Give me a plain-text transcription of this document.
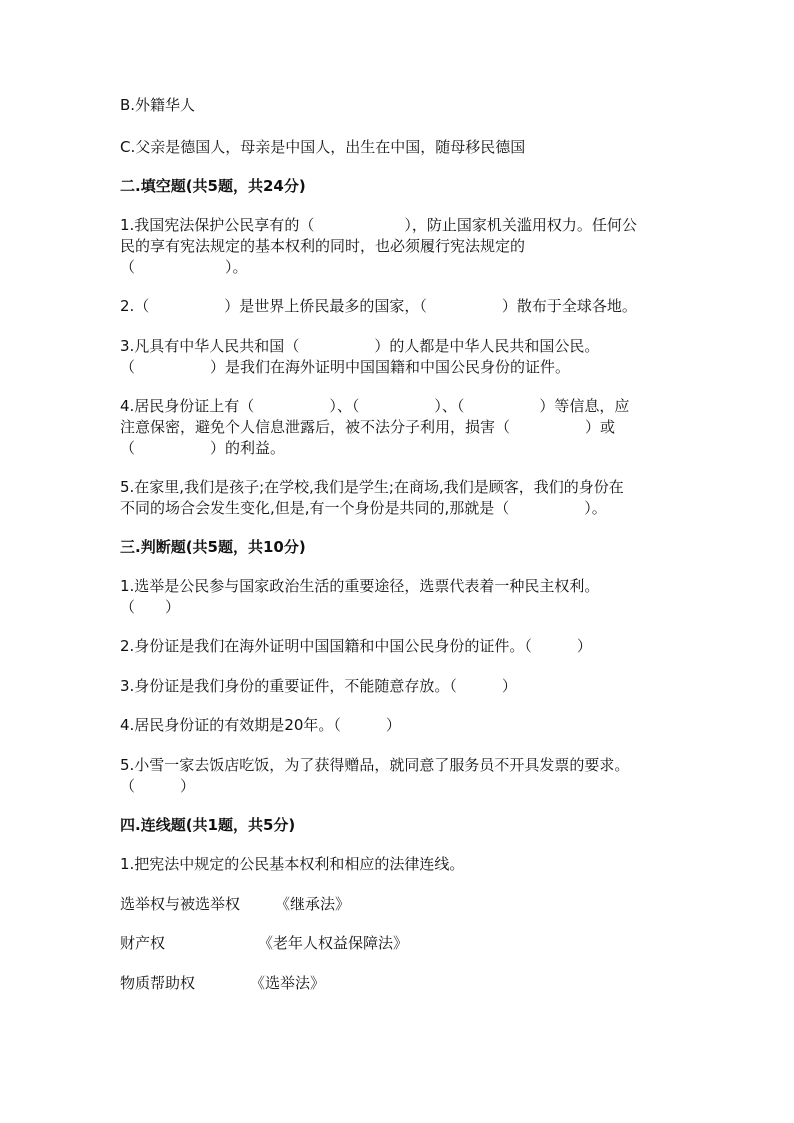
B.外籍华人
C.父亲是德国人，母亲是中国人，出生在中国，随母移民德国
二.填空题(共5题，共24分)
1.我国宪法保护公民享有的（　　　　　　），防止国家机关滥用权力。任何公
民的享有宪法规定的基本权利的同时，也必须履行宪法规定的
（　　　　　　）。
2.（　　　　　）是世界上侨民最多的国家，（　　　　　）散布于全球各地。
3.凡具有中华人民共和国（　　　　　）的人都是中华人民共和国公民。
（　　　　　）是我们在海外证明中国国籍和中国公民身份的证件。
4.居民身份证上有（　　　　　）、（　　　　　）、（　　　　　）等信息，应
注意保密，避免个人信息泄露后，被不法分子利用，损害（　　　　　）或
（　　　　　）的利益。
5.在家里,我们是孩子;在学校,我们是学生;在商场,我们是顾客，我们的身份在
不同的场合会发生变化,但是,有一个身份是共同的,那就是（　　　　　）。
三.判断题(共5题，共10分)
1.选举是公民参与国家政治生活的重要途径，选票代表着一种民主权利。
（　　）
2.身份证是我们在海外证明中国国籍和中国公民身份的证件。（　　　）
3.身份证是我们身份的重要证件，不能随意存放。（　　　）
4.居民身份证的有效期是20年。（　　　）
5.小雪一家去饭店吃饭，为了获得赠品，就同意了服务员不开具发票的要求。
（　　　）
四.连线题(共1题，共5分)
1.把宪法中规定的公民基本权利和相应的法律连线。
选举权与被选举权 《继承法》
财产权	《老年人权益保障法》
物质帮助权	《选举法》
